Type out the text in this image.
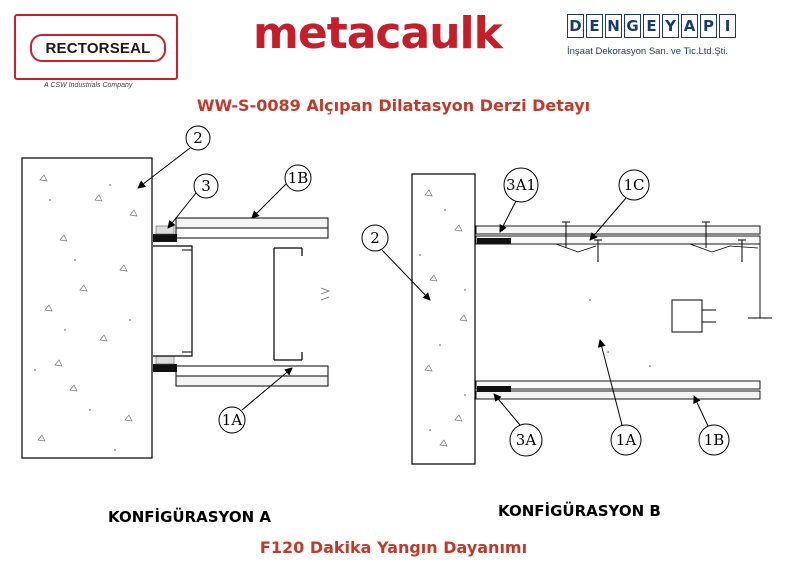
RECTORSEAL
A CSW Industrials Company
metacaulk	D E N G E Y A P I
İnşaat Dekorasyon San. ve Tic.Ltd.Şti.
WW-S-0089 Alçıpan Dilatasyon Derzi Detayı
2
3	1B
1A
2
3A1	1C
3A	1A	1B
KONFİGÜRASYON A	KONFİGÜRASYON B
F120 Dakika Yangın Dayanımı
